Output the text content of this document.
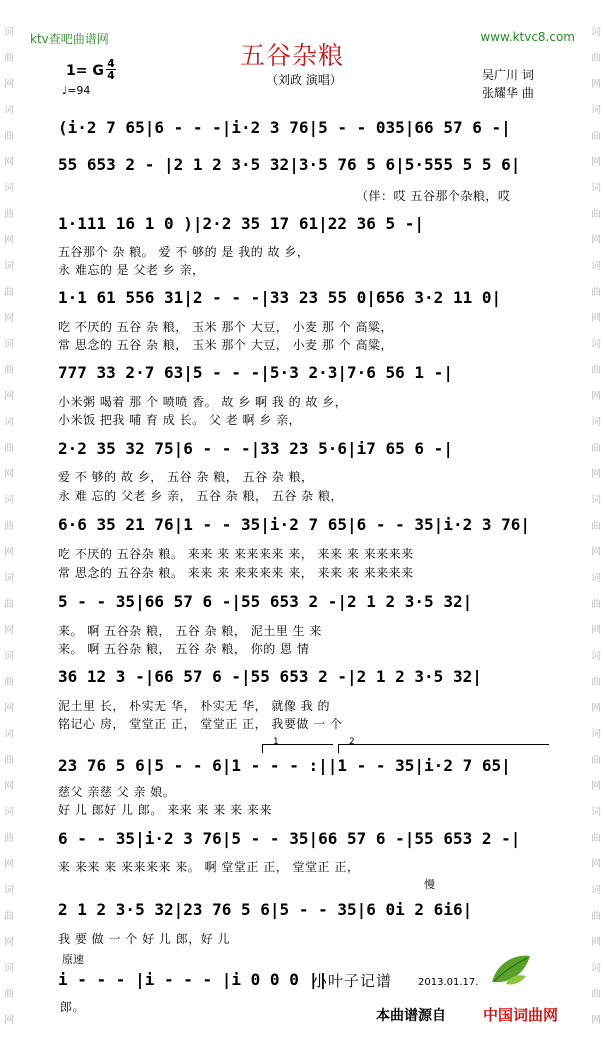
词曲网词曲网词曲网词曲网词曲网词曲网词曲网词曲网词曲网词曲网词曲网词曲网词曲网
词曲网词曲网词曲网词曲网词曲网词曲网词曲网词曲网词曲网词曲网词曲网词曲网词曲网
ktv查吧曲谱网	www.ktvc8.com
五谷杂粮
（刘政 演唱）
1= G 4
4
♩=94
吴广川 词
张耀华 曲
(i·2 7 65|6 - - -|i·2 3 76|5 - - 035|66 57 6 -|
55 653 2 - |2 1 2 3·5 32|3·5 76 5 6|5·555 5 5 6|
（伴：哎 五谷那个杂粮，哎
1·111 16 1 0 )|2·2 35 17 61|22 36 5 -|
五谷那个 杂 粮。 爱 不 够的 是 我的 故 乡，
永 难忘的 是 父老 乡 亲，
1·1 61 556 31|2 - - -|33 23 55 0|656 3·2 11 0|
吃 不厌的 五谷 杂 粮， 玉米 那个 大豆， 小麦 那 个 高粱，
常 思念的 五谷 杂 粮， 玉米 那个 大豆， 小麦 那 个 高粱，
777 33 2·7 63|5 - - -|5·3 2·3|7·6 56 1 -|
小米粥 喝着 那 个 喷喷 香。 故 乡 啊 我 的 故 乡，
小米饭 把我 哺 育 成 长。 父 老 啊 乡 亲，
2·2 35 32 75|6 - - -|33 23 5·6|i7 65 6 -|
爱 不 够的 故 乡， 五谷 杂 粮， 五谷 杂 粮，
永 难 忘的 父老 乡 亲， 五谷 杂 粮， 五谷 杂 粮，
6·6 35 21 76|1 - - 35|i·2 7 65|6 - - 35|i·2 3 76|
吃 不厌的 五谷杂 粮。 来来 来 来来来来 来， 来来 来 来来来来
常 思念的 五谷杂 粮。 来来 来 来来来来 来， 来来 来 来来来来
5 - - 35|66 57 6 -|55 653 2 -|2 1 2 3·5 32|
来。 啊 五谷杂 粮， 五谷 杂 粮， 泥土里 生 来
来。 啊 五谷杂 粮， 五谷 杂 粮， 你的 恩 情
36 12 3 -|66 57 6 -|55 653 2 -|2 1 2 3·5 32|
泥土里 长， 朴实无 华， 朴实无 华， 就像 我 的
铭记心 房， 堂堂正 正， 堂堂正 正， 我要做 一 个
1	2
23 76 5 6|5 - - 6|1 - - - :||1 - - 35|i·2 7 65|
慈父 亲慈 父 亲 娘。
好 儿 郎好 儿 郎。 来来 来 来 来 来来
6 - - 35|i·2 3 76|5 - - 35|66 57 6 -|55 653 2 -|
来 来来 来 来来来来 来。 啊 堂堂正 正， 堂堂正 正，
慢
2 1 2 3·5 32|23 76 5 6|5 - - 35|6 0i 2 6i6|
我 要 做 一 个 好 儿 郎，好 儿
原速
i - - - |i - - - |i 0 0 0 ||
郎。
小叶子记谱	2013.01.17.
本曲谱源自 中国词曲网
